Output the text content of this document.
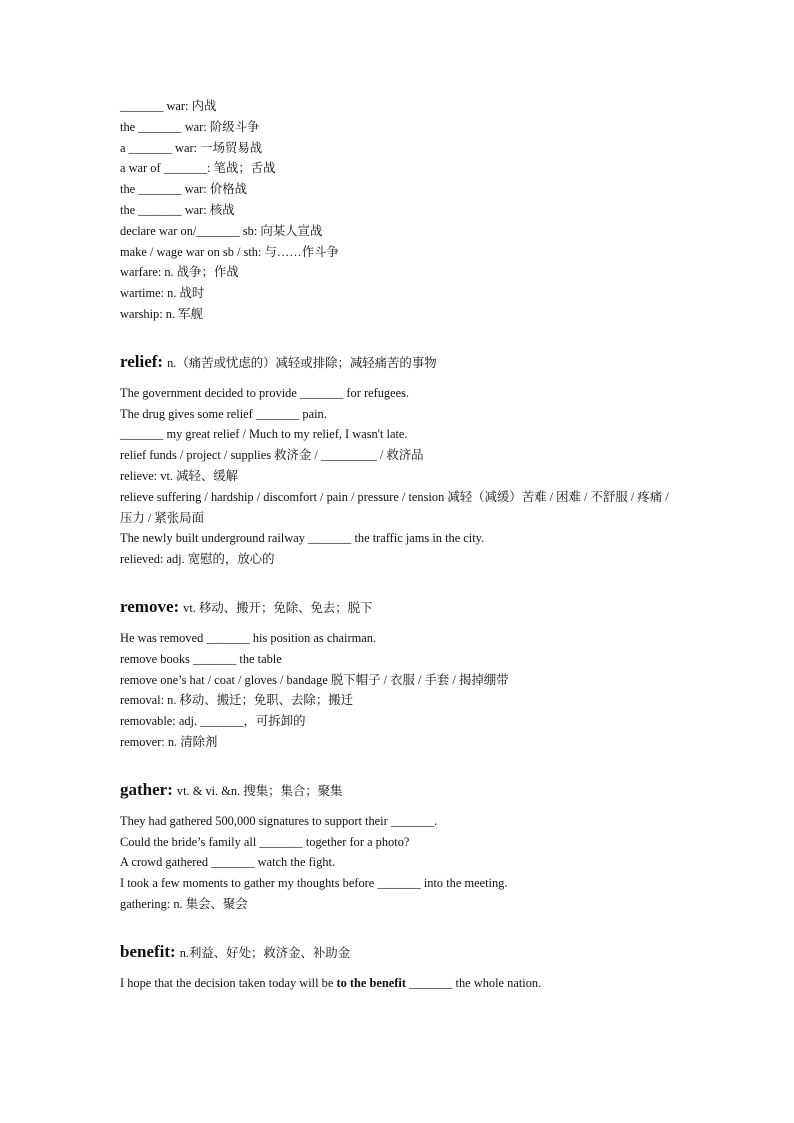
_______ war: 内战
the _______ war: 阶级斗争
a _______ war: 一场贸易战
a war of _______: 笔战；舌战
the _______ war: 价格战
the _______ war: 核战
declare war on/_______ sb: 向某人宣战
make / wage war on sb / sth: 与……作斗争
warfare: n. 战争；作战
wartime: n. 战时
warship: n. 军舰
relief: n.（痛苦或忧虑的）减轻或排除；减轻痛苦的事物
The government decided to provide _______ for refugees.
The drug gives some relief _______ pain.
_______ my great relief / Much to my relief, I wasn't late.
relief funds / project / supplies 救济金 / _________ / 救济品
relieve: vt. 减轻、缓解
relieve suffering / hardship / discomfort / pain / pressure / tension 减轻（减缓）苦难 / 困难 / 不舒服 / 疼痛 / 压力 / 紧张局面
The newly built underground railway _______ the traffic jams in the city.
relieved: adj. 宽慰的，放心的
remove: vt. 移动、搬开；免除、免去；脱下
He was removed _______ his position as chairman.
remove books _______ the table
remove one’s hat / coat / gloves / bandage 脱下帽子 / 衣服 / 手套 / 揭掉绷带
removal: n. 移动、搬迁；免职、去除；搬迁
removable: adj. _______，可拆卸的
remover: n. 清除剂
gather: vt. & vi. &n. 搜集；集合；聚集
They had gathered 500,000 signatures to support their _______.
Could the bride’s family all _______ together for a photo?
A crowd gathered _______ watch the fight.
I took a few moments to gather my thoughts before _______ into the meeting.
gathering: n. 集会、聚会
benefit: n.利益、好处；救济金、补助金
I hope that the decision taken today will be to the benefit _______ the whole nation.
